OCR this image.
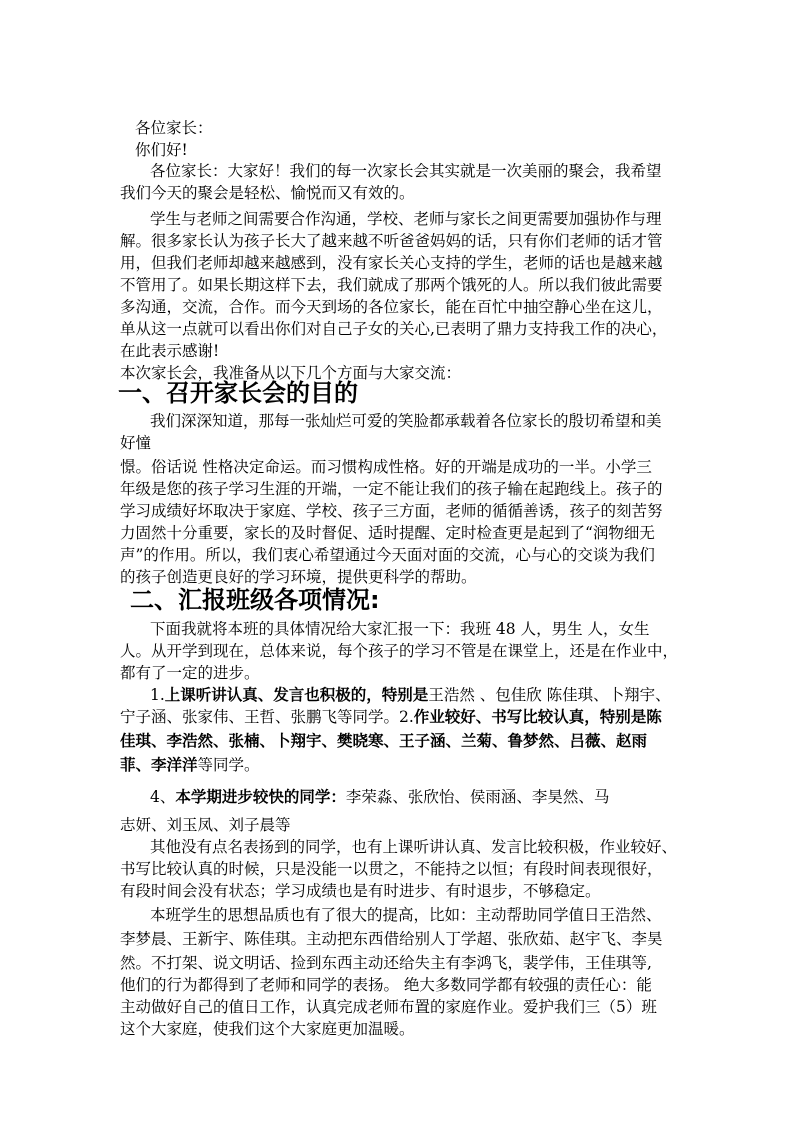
各位家长：
你们好!
各位家长：大家好！我们的每一次家长会其实就是一次美丽的聚会，我希望
我们今天的聚会是轻松、愉悦而又有效的。
学生与老师之间需要合作沟通，学校、老师与家长之间更需要加强协作与理
解。很多家长认为孩子长大了越来越不听爸爸妈妈的话，只有你们老师的话才管
用，但我们老师却越来越感到，没有家长关心支持的学生，老师的话也是越来越
不管用了。如果长期这样下去，我们就成了那两个饿死的人。所以我们彼此需要
多沟通，交流，合作。而今天到场的各位家长，能在百忙中抽空静心坐在这儿，
单从这一点就可以看出你们对自己子女的关心,已表明了鼎力支持我工作的决心，
在此表示感谢!
本次家长会，我准备从以下几个方面与大家交流：
一、召开家长会的目的
我们深深知道，那每一张灿烂可爱的笑脸都承载着各位家长的殷切希望和美
好憧
憬。俗话说 性格决定命运。而习惯构成性格。好的开端是成功的一半。小学三
年级是您的孩子学习生涯的开端，一定不能让我们的孩子输在起跑线上。孩子的
学习成绩好坏取决于家庭、学校、孩子三方面，老师的循循善诱，孩子的刻苦努
力固然十分重要，家长的及时督促、适时提醒、定时检查更是起到了“润物细无
声”的作用。所以，我们衷心希望通过今天面对面的交流，心与心的交谈为我们
的孩子创造更良好的学习环境，提供更科学的帮助。
二、汇报班级各项情况:
下面我就将本班的具体情况给大家汇报一下：我班 48 人，男生 人，女生
人。从开学到现在，总体来说，每个孩子的学习不管是在课堂上，还是在作业中，
都有了一定的进步。
1.上课听讲认真、发言也积极的，特别是王浩然 、包佳欣 陈佳琪、卜翔宇、
宁子涵、张家伟、王哲、张鹏飞等同学。2.作业较好、书写比较认真，特别是陈
佳琪、李浩然、张楠、卜翔宇、樊晓寒、王子涵、兰菊、鲁梦然、吕薇、赵雨
菲、李洋洋等同学。
4、本学期进步较快的同学：李荣淼、张欣怡、侯雨涵、李昊然、马
志妍、刘玉凤、刘子晨等
其他没有点名表扬到的同学，也有上课听讲认真、发言比较积极，作业较好、
书写比较认真的时候，只是没能一以贯之，不能持之以恒；有段时间表现很好，
有段时间会没有状态；学习成绩也是有时进步、有时退步，不够稳定。
本班学生的思想品质也有了很大的提高，比如：主动帮助同学值日王浩然、
李梦晨、王新宇、陈佳琪。主动把东西借给别人丁学超、张欣茹、赵宇飞、李昊
然。不打架、说文明话、捡到东西主动还给失主有李鸿飞，裴学伟，王佳琪等,
他们的行为都得到了老师和同学的表扬。 绝大多数同学都有较强的责任心：能
主动做好自己的值日工作，认真完成老师布置的家庭作业。爱护我们三（5）班
这个大家庭，使我们这个大家庭更加温暖。
